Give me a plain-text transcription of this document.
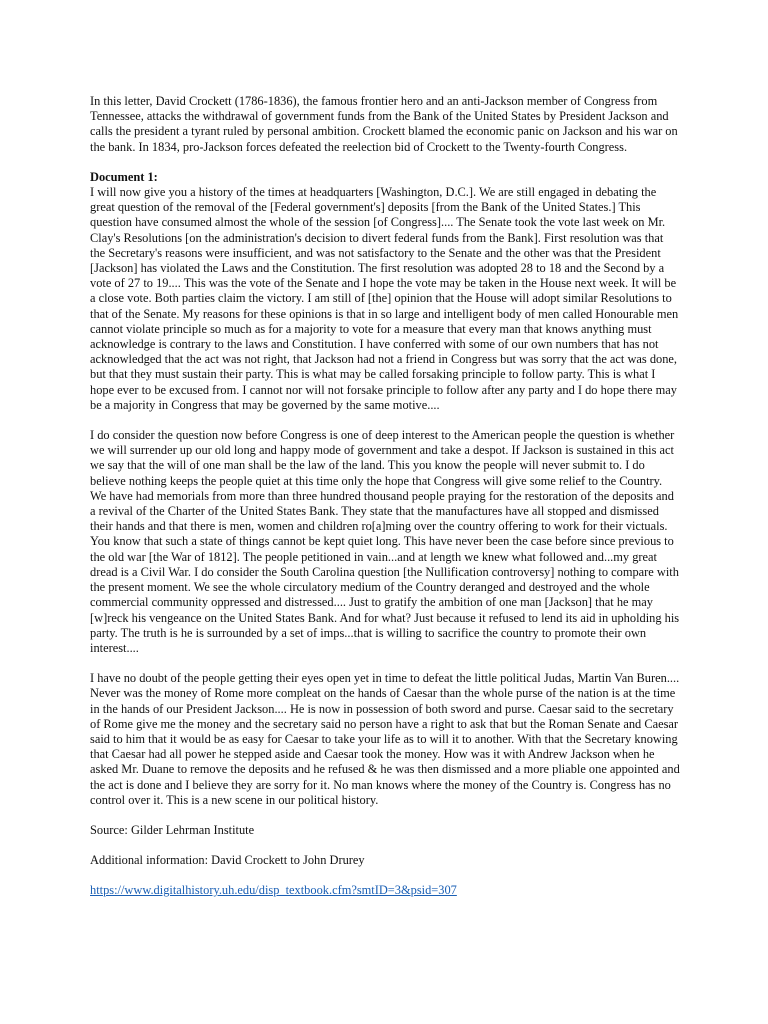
In this letter, David Crockett (1786-1836), the famous frontier hero and an anti-Jackson member of Congress from Tennessee, attacks the withdrawal of government funds from the Bank of the United States by President Jackson and calls the president a tyrant ruled by personal ambition. Crockett blamed the economic panic on Jackson and his war on the bank. In 1834, pro-Jackson forces defeated the reelection bid of Crockett to the Twenty-fourth Congress.

Document 1:
I will now give you a history of the times at headquarters [Washington, D.C.]. We are still engaged in debating the great question of the removal of the [Federal government's] deposits [from the Bank of the United States.] This question have consumed almost the whole of the session [of Congress].... The Senate took the vote last week on Mr. Clay's Resolutions [on the administration's decision to divert federal funds from the Bank]. First resolution was that the Secretary's reasons were insufficient, and was not satisfactory to the Senate and the other was that the President [Jackson] has violated the Laws and the Constitution. The first resolution was adopted 28 to 18 and the Second by a vote of 27 to 19.... This was the vote of the Senate and I hope the vote may be taken in the House next week. It will be a close vote. Both parties claim the victory. I am still of [the] opinion that the House will adopt similar Resolutions to that of the Senate. My reasons for these opinions is that in so large and intelligent body of men called Honourable men cannot violate principle so much as for a majority to vote for a measure that every man that knows anything must acknowledge is contrary to the laws and Constitution. I have conferred with some of our own numbers that has not acknowledged that the act was not right, that Jackson had not a friend in Congress but was sorry that the act was done, but that they must sustain their party. This is what may be called forsaking principle to follow party. This is what I hope ever to be excused from. I cannot nor will not forsake principle to follow after any party and I do hope there may be a majority in Congress that may be governed by the same motive....

I do consider the question now before Congress is one of deep interest to the American people the question is whether we will surrender up our old long and happy mode of government and take a despot. If Jackson is sustained in this act we say that the will of one man shall be the law of the land. This you know the people will never submit to. I do believe nothing keeps the people quiet at this time only the hope that Congress will give some relief to the Country. We have had memorials from more than three hundred thousand people praying for the restoration of the deposits and a revival of the Charter of the United States Bank. They state that the manufactures have all stopped and dismissed their hands and that there is men, women and children ro[a]ming over the country offering to work for their victuals. You know that such a state of things cannot be kept quiet long. This have never been the case before since previous to the old war [the War of 1812]. The people petitioned in vain...and at length we knew what followed and...my great dread is a Civil War. I do consider the South Carolina question [the Nullification controversy] nothing to compare with the present moment. We see the whole circulatory medium of the Country deranged and destroyed and the whole commercial community oppressed and distressed.... Just to gratify the ambition of one man [Jackson] that he may [w]reck his vengeance on the United States Bank. And for what? Just because it refused to lend its aid in upholding his party. The truth is he is surrounded by a set of imps...that is willing to sacrifice the country to promote their own interest....

I have no doubt of the people getting their eyes open yet in time to defeat the little political Judas, Martin Van Buren.... Never was the money of Rome more compleat on the hands of Caesar than the whole purse of the nation is at the time in the hands of our President Jackson.... He is now in possession of both sword and purse. Caesar said to the secretary of Rome give me the money and the secretary said no person have a right to ask that but the Roman Senate and Caesar said to him that it would be as easy for Caesar to take your life as to will it to another. With that the Secretary knowing that Caesar had all power he stepped aside and Caesar took the money. How was it with Andrew Jackson when he asked Mr. Duane to remove the deposits and he refused & he was then dismissed and a more pliable one appointed and the act is done and I believe they are sorry for it. No man knows where the money of the Country is. Congress has no control over it. This is a new scene in our political history.

Source: Gilder Lehrman Institute

Additional information: David Crockett to John Drurey

https://www.digitalhistory.uh.edu/disp_textbook.cfm?smtID=3&psid=307
